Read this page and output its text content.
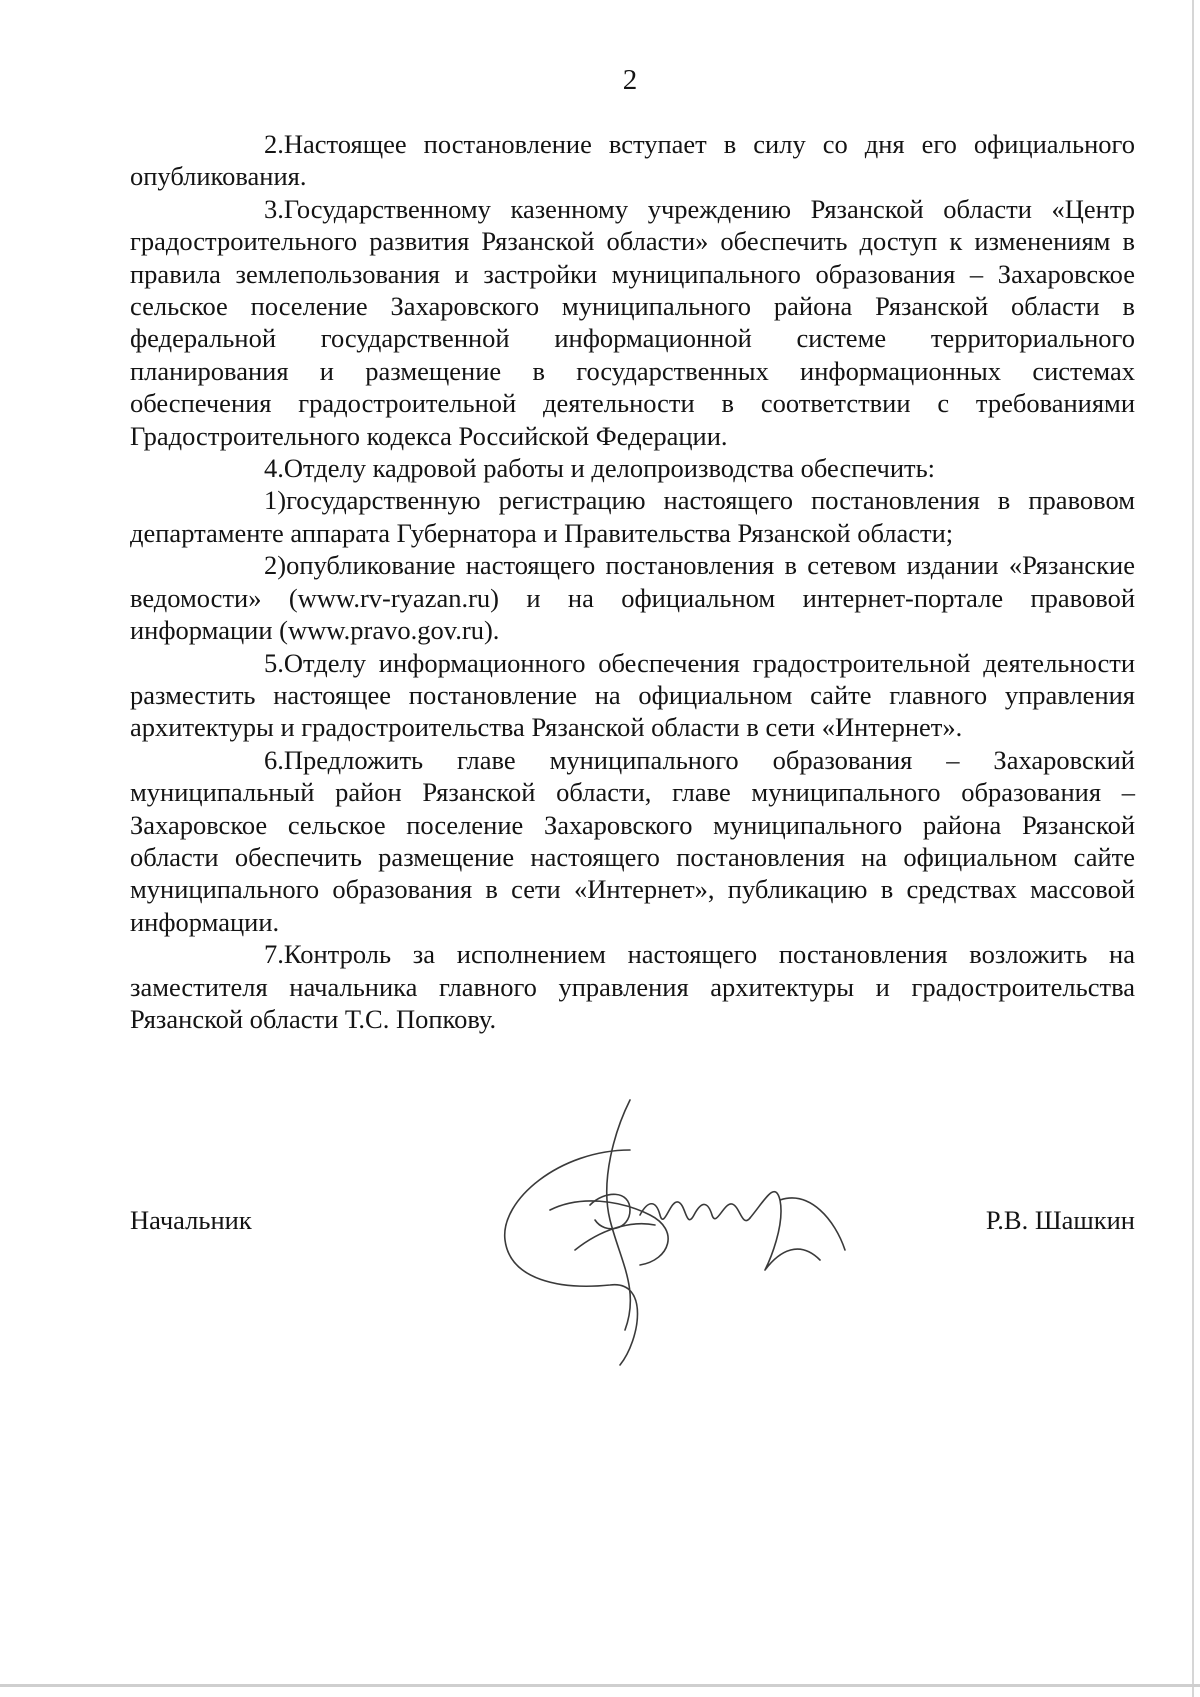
2

2.Настоящее постановление вступает в силу со дня его официального опубликования.

3.Государственному казенному учреждению Рязанской области «Центр градостроительного развития Рязанской области» обеспечить доступ к изменениям в правила землепользования и застройки муниципального образования – Захаровское сельское поселение Захаровского муниципального района Рязанской области в федеральной государственной информационной системе территориального планирования и размещение в государственных информационных системах обеспечения градостроительной деятельности в соответствии с требованиями Градостроительного кодекса Российской Федерации.

4.Отделу кадровой работы и делопроизводства обеспечить:

1)государственную регистрацию настоящего постановления в правовом департаменте аппарата Губернатора и Правительства Рязанской области;

2)опубликование настоящего постановления в сетевом издании «Рязанские ведомости» (www.rv-ryazan.ru) и на официальном интернет-портале правовой информации (www.pravo.gov.ru).

5.Отделу информационного обеспечения градостроительной деятельности разместить настоящее постановление на официальном сайте главного управления архитектуры и градостроительства Рязанской области в сети «Интернет».

6.Предложить главе муниципального образования – Захаровский муниципальный район Рязанской области, главе муниципального образования – Захаровское сельское поселение Захаровского муниципального района Рязанской области обеспечить размещение настоящего постановления на официальном сайте муниципального образования в сети «Интернет», публикацию в средствах массовой информации.

7.Контроль за исполнением настоящего постановления возложить на заместителя начальника главного управления архитектуры и градостроительства Рязанской области Т.С. Попкову.

Начальник	Р.В. Шашкин
